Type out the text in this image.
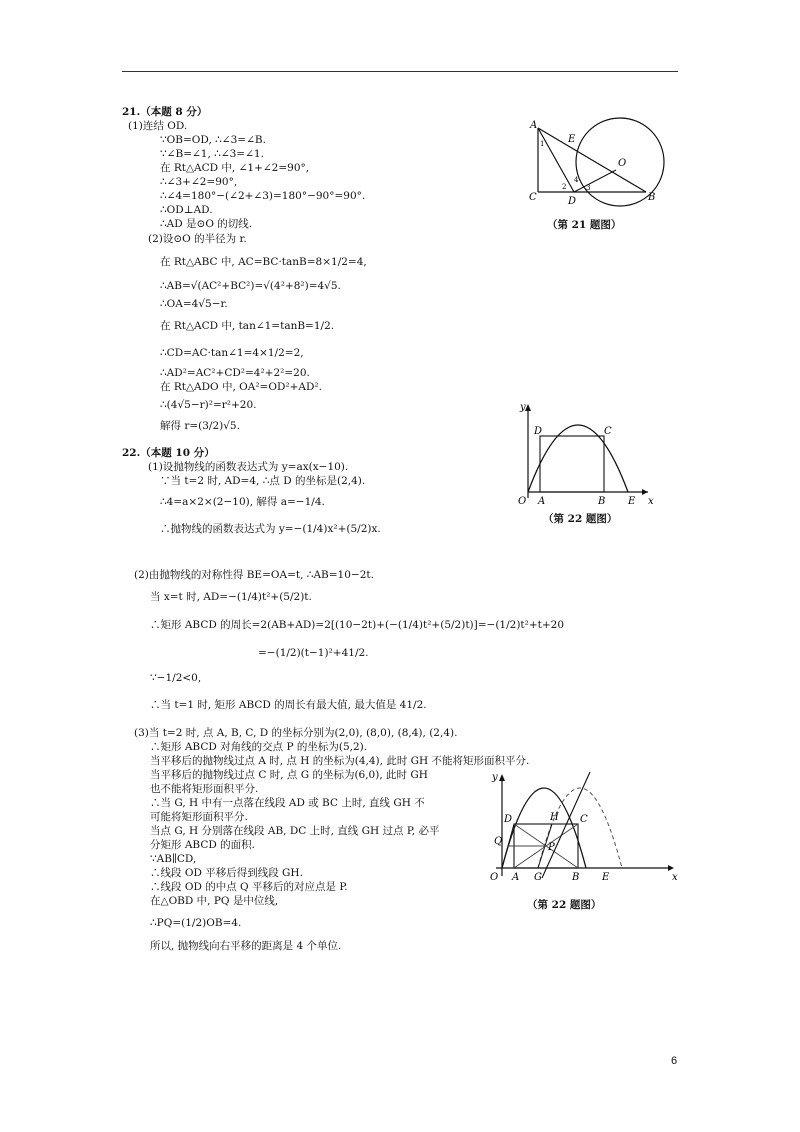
21.（本题 8 分）
(1)连结 OD.
∵OB=OD, ∴∠3=∠B.
∵∠B=∠1, ∴∠3=∠1.
在 Rt△ACD 中, ∠1+∠2=90°,
∴∠3+∠2=90°,
∴∠4=180°−(∠2+∠3)=180°−90°=90°.
∴OD⊥AD.
∴AD 是⊙O 的切线.
(2)设⊙O 的半径为 r.
在 Rt△ABC 中, AC=BC·tanB=8×1/2=4,
∴AB=√(AC²+BC²)=√(4²+8²)=4√5.
∴OA=4√5−r.
在 Rt△ACD 中, tan∠1=tanB=1/2.
∴CD=AC·tan∠1=4×1/2=2,
∴AD²=AC²+CD²=4²+2²=20.
在 Rt△ADO 中, OA²=OD²+AD².
∴(4√5−r)²=r²+20.
解得 r=(3/2)√5.
22.（本题 10 分）
(1)设抛物线的函数表达式为 y=ax(x−10).
∵当 t=2 时, AD=4, ∴点 D 的坐标是(2,4).
∴4=a×2×(2−10), 解得 a=−1/4.
∴抛物线的函数表达式为 y=−(1/4)x²+(5/2)x.
(2)由抛物线的对称性得 BE=OA=t, ∴AB=10−2t.
当 x=t 时, AD=−(1/4)t²+(5/2)t.
∴矩形 ABCD 的周长=2(AB+AD)=2[(10−2t)+(−(1/4)t²+(5/2)t)]=−(1/2)t²+t+20
=−(1/2)(t−1)²+41/2.
∵−1/2<0,
∴当 t=1 时, 矩形 ABCD 的周长有最大值, 最大值是 41/2.
(3)当 t=2 时, 点 A, B, C, D 的坐标分别为(2,0), (8,0), (8,4), (2,4).
∴矩形 ABCD 对角线的交点 P 的坐标为(5,2).
当平移后的抛物线过点 A 时, 点 H 的坐标为(4,4), 此时 GH 不能将矩形面积平分.
当平移后的抛物线过点 C 时, 点 G 的坐标为(6,0), 此时 GH
也不能将矩形面积平分.
∴当 G, H 中有一点落在线段 AD 或 BC 上时, 直线 GH 不
可能将矩形面积平分.
当点 G, H 分别落在线段 AB, DC 上时, 直线 GH 过点 P, 必平
分矩形 ABCD 的面积.
∵AB∥CD,
∴线段 OD 平移后得到线段 GH.
∴线段 OD 的中点 Q 平移后的对应点是 P.
在△OBD 中, PQ 是中位线,
∴PQ=(1/2)OB=4.
所以, 抛物线向右平移的距离是 4 个单位.
A
E
O
C	D	B
1
2	3
4
（第 21 题图）
y
x
O A	B
C
D
E
（第 22 题图）
y
x
O A G	B E
C
D	H
P
Q
（第 22 题图）
6
